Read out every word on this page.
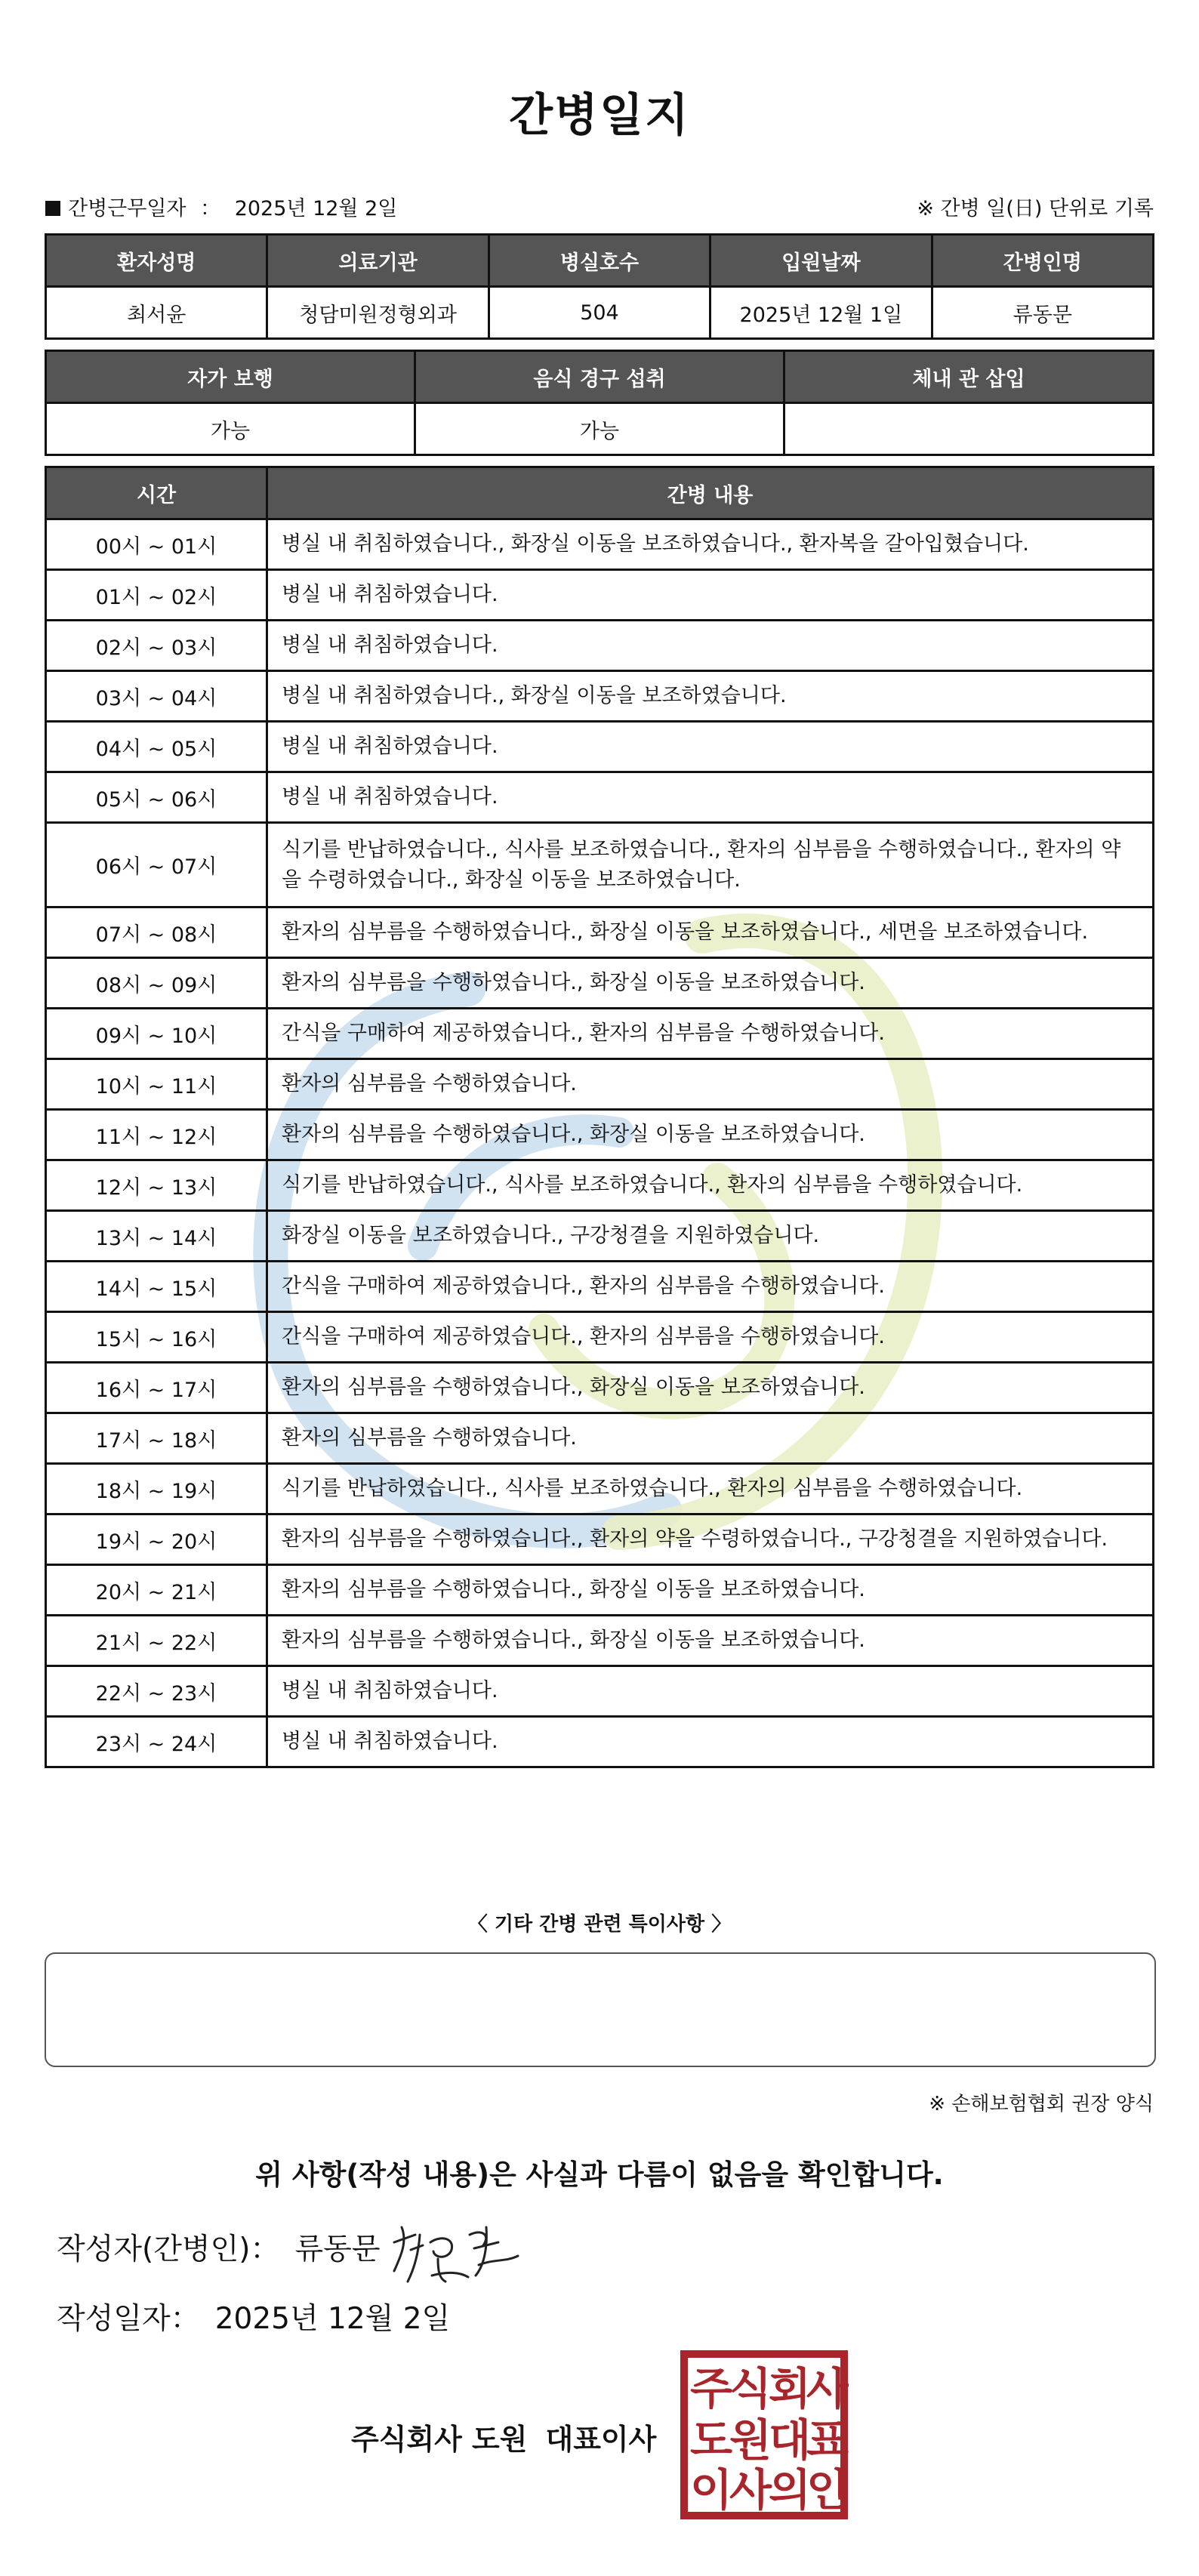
간병일지
간병근무일자 ： 2025년 12월 2일	※ 간병 일(日) 단위로 기록
환자성명	의료기관	병실호수	입원날짜	간병인명
최서윤	청담미원정형외과	504	2025년 12월 1일	류동문
자가 보행	음식 경구 섭취	체내 관 삽입
가능	가능	
시간	간병 내용
00시 ~ 01시	병실 내 취침하였습니다., 화장실 이동을 보조하였습니다., 환자복을 갈아입혔습니다.
01시 ~ 02시	병실 내 취침하였습니다.
02시 ~ 03시	병실 내 취침하였습니다.
03시 ~ 04시	병실 내 취침하였습니다., 화장실 이동을 보조하였습니다.
04시 ~ 05시	병실 내 취침하였습니다.
05시 ~ 06시	병실 내 취침하였습니다.
06시 ~ 07시	식기를 반납하였습니다., 식사를 보조하였습니다., 환자의 심부름을 수행하였습니다., 환자의 약을 수령하였습니다., 화장실 이동을 보조하였습니다.
07시 ~ 08시	환자의 심부름을 수행하였습니다., 화장실 이동을 보조하였습니다., 세면을 보조하였습니다.
08시 ~ 09시	환자의 심부름을 수행하였습니다., 화장실 이동을 보조하였습니다.
09시 ~ 10시	간식을 구매하여 제공하였습니다., 환자의 심부름을 수행하였습니다.
10시 ~ 11시	환자의 심부름을 수행하였습니다.
11시 ~ 12시	환자의 심부름을 수행하였습니다., 화장실 이동을 보조하였습니다.
12시 ~ 13시	식기를 반납하였습니다., 식사를 보조하였습니다., 환자의 심부름을 수행하였습니다.
13시 ~ 14시	화장실 이동을 보조하였습니다., 구강청결을 지원하였습니다.
14시 ~ 15시	간식을 구매하여 제공하였습니다., 환자의 심부름을 수행하였습니다.
15시 ~ 16시	간식을 구매하여 제공하였습니다., 환자의 심부름을 수행하였습니다.
16시 ~ 17시	환자의 심부름을 수행하였습니다., 화장실 이동을 보조하였습니다.
17시 ~ 18시	환자의 심부름을 수행하였습니다.
18시 ~ 19시	식기를 반납하였습니다., 식사를 보조하였습니다., 환자의 심부름을 수행하였습니다.
19시 ~ 20시	환자의 심부름을 수행하였습니다., 환자의 약을 수령하였습니다., 구강청결을 지원하였습니다.
20시 ~ 21시	환자의 심부름을 수행하였습니다., 화장실 이동을 보조하였습니다.
21시 ~ 22시	환자의 심부름을 수행하였습니다., 화장실 이동을 보조하였습니다.
22시 ~ 23시	병실 내 취침하였습니다.
23시 ~ 24시	병실 내 취침하였습니다.
〈 기타 간병 관련 특이사항 〉
※ 손해보험협회 권장 양식
위 사항(작성 내용)은 사실과 다름이 없음을 확인합니다.
작성자(간병인)： 류동문
작성일자： 2025년 12월 2일
주식회사 도원 대표이사
주
식
회
사
도
원
대
표
이
사
의
인
